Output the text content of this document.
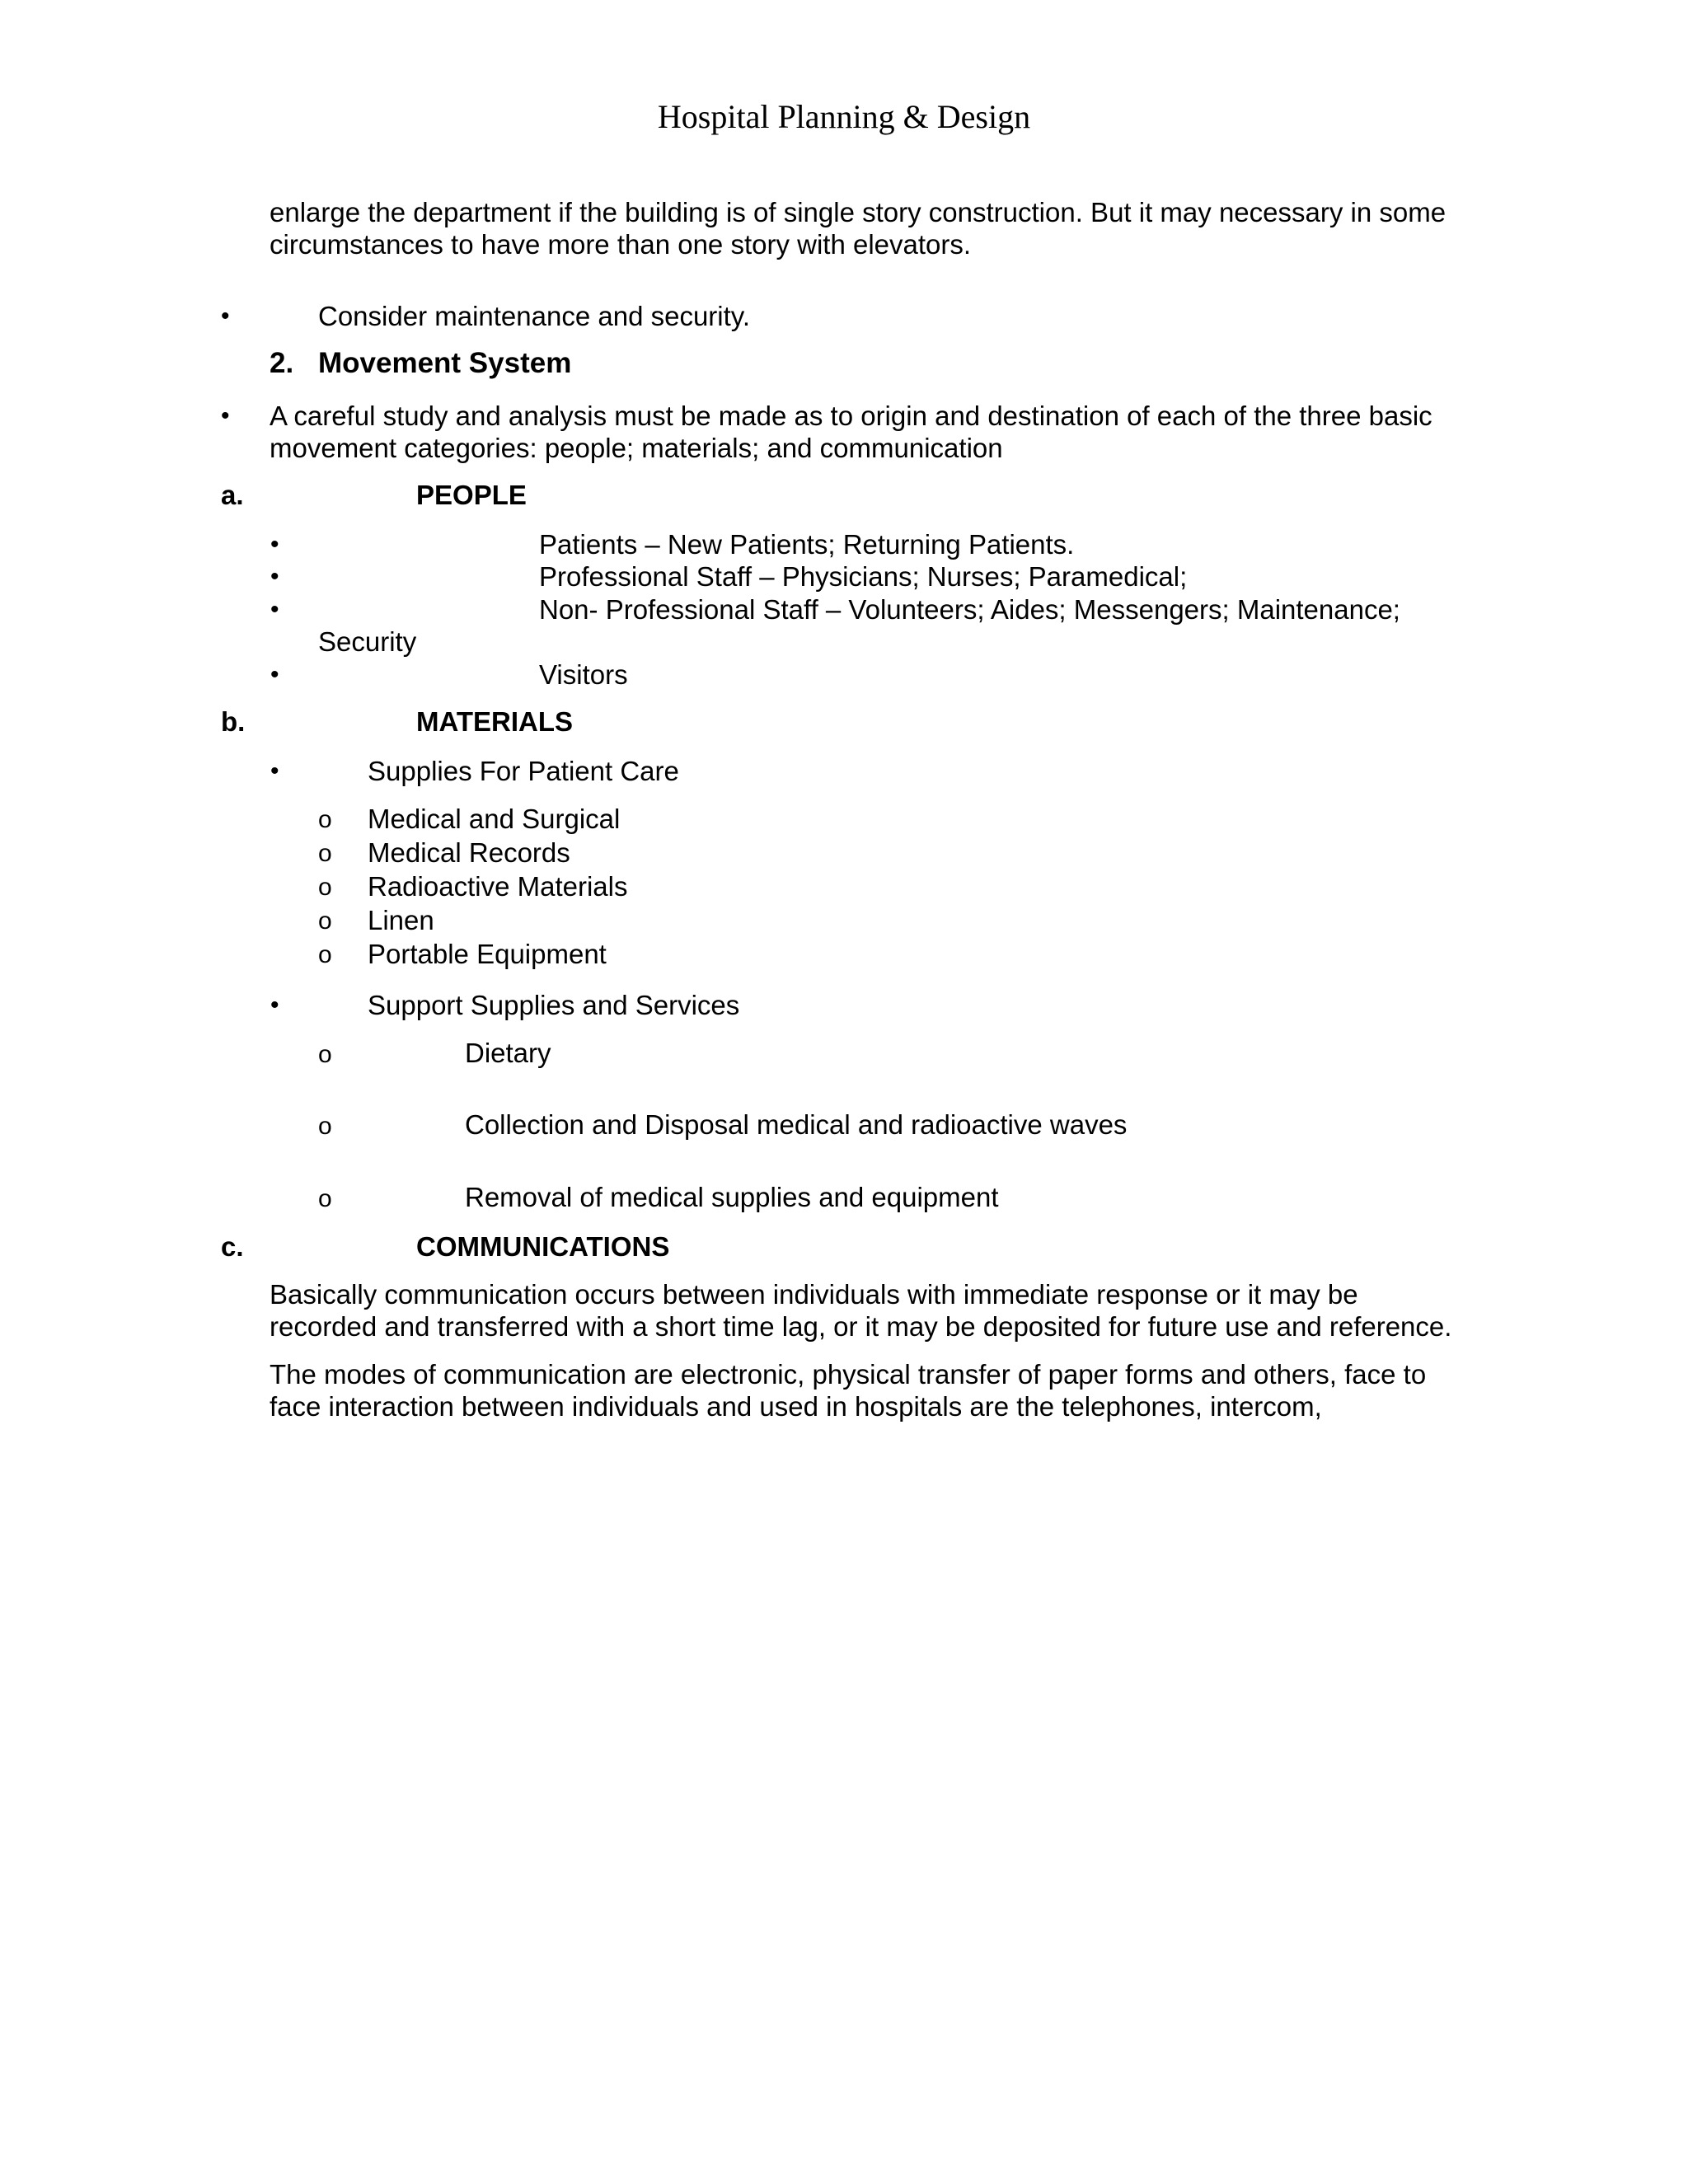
Hospital Planning & Design
enlarge the department if the building is of single story construction. But it may necessary in some
circumstances to have more than one story with elevators.
•	Consider maintenance and security.
2. Movement System
• A careful study and analysis must be made as to origin and destination of each of the three basic
movement categories: people; materials; and communication
a.	PEOPLE
•	Patients – New Patients; Returning Patients.
•	Professional Staff – Physicians; Nurses; Paramedical;
•	Non- Professional Staff – Volunteers; Aides; Messengers; Maintenance;
Security
•	Visitors
b.	MATERIALS
•	Supplies For Patient Care
o Medical and Surgical
o Medical Records
o Radioactive Materials
o Linen
o Portable Equipment
•	Support Supplies and Services
o	Dietary
o	Collection and Disposal medical and radioactive waves
o	Removal of medical supplies and equipment
c.	COMMUNICATIONS
Basically communication occurs between individuals with immediate response or it may be
recorded and transferred with a short time lag, or it may be deposited for future use and reference.
The modes of communication are electronic, physical transfer of paper forms and others, face to
face interaction between individuals and used in hospitals are the telephones, intercom,
